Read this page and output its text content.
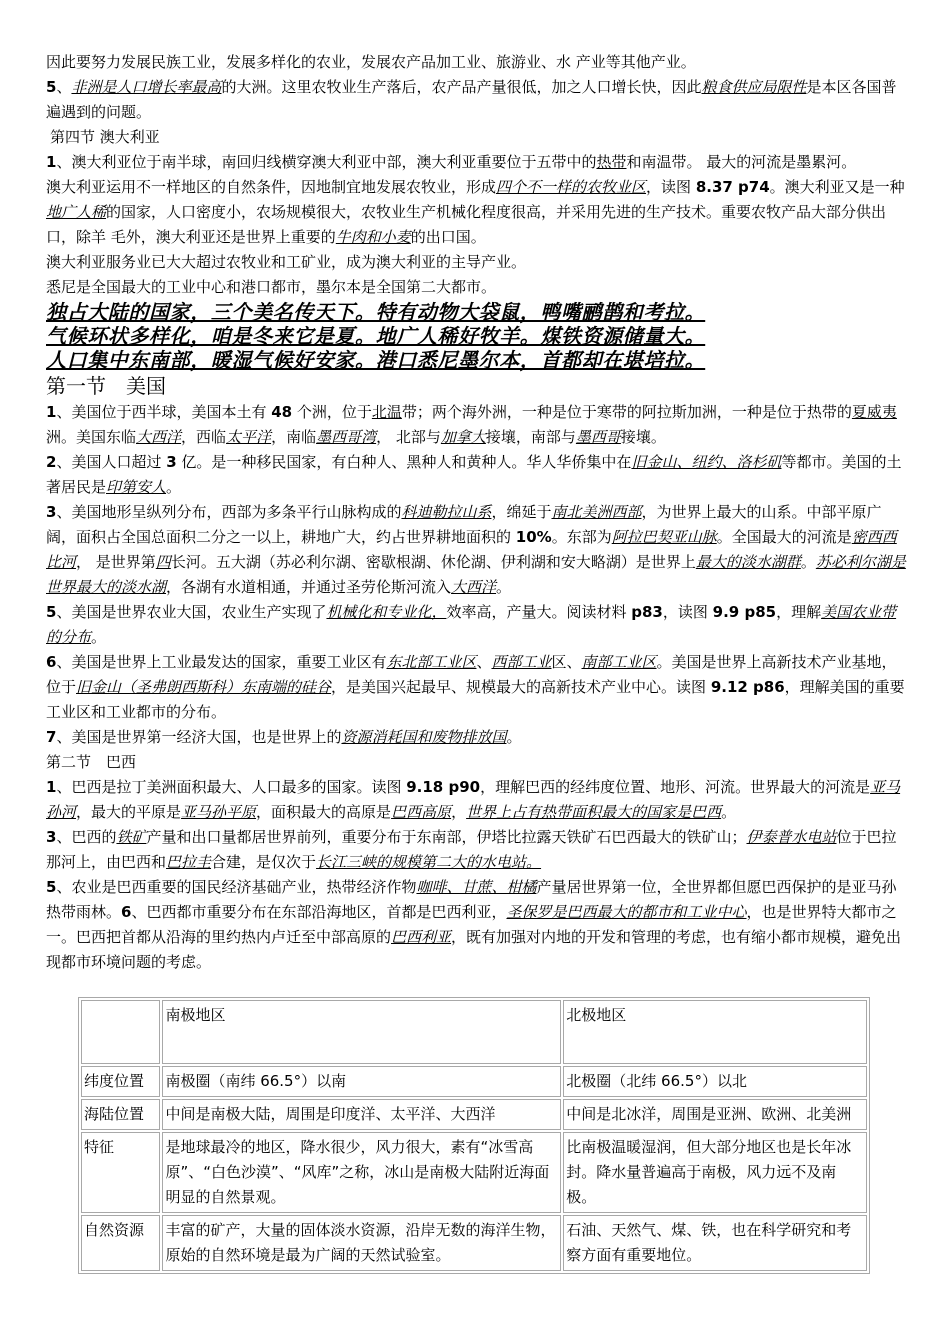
因此要努力发展民族工业，发展多样化的农业，发展农产品加工业、旅游业、水 产业等其他产业。

5、非洲是人口增长率最高的大洲。这里农牧业生产落后，农产品产量很低，加之人口增长快，因此粮食供应局限性是本区各国普遍遇到的问题。

第四节 澳大利亚

1、澳大利亚位于南半球，南回归线横穿澳大利亚中部，澳大利亚重要位于五带中的热带和南温带。 最大的河流是墨累河。

澳大利亚运用不一样地区的自然条件，因地制宜地发展农牧业，形成四个不一样的农牧业区，读图 8.37 p74。澳大利亚又是一种地广人稀的国家，人口密度小，农场规模很大，农牧业生产机械化程度很高，并采用先进的生产技术。重要农牧产品大部分供出口，除羊 毛外，澳大利亚还是世界上重要的牛肉和小麦的出口国。

澳大利亚服务业已大大超过农牧业和工矿业，成为澳大利亚的主导产业。

悉尼是全国最大的工业中心和港口都市，墨尔本是全国第二大都市。

独占大陆的国家，三个美名传天下。特有动物大袋鼠，鸭嘴鹂鹊和考拉。

气候环状多样化，咱是冬来它是夏。地广人稀好牧羊。煤铁资源储量大。

人口集中东南部，暖湿气候好安家。港口悉尼墨尔本，首都却在堪培拉。

第一节　美国

1、美国位于西半球，美国本土有 48 个洲，位于北温带；两个海外洲，一种是位于寒带的阿拉斯加洲，一种是位于热带的夏威夷洲。美国东临大西洋，西临太平洋，南临墨西哥湾， 北部与加拿大接壤，南部与墨西哥接壤。

2、美国人口超过 3 亿。是一种移民国家，有白种人、黑种人和黄种人。华人华侨集中在旧金山、纽约、洛杉矶等都市。美国的土著居民是印第安人。

3、美国地形呈纵列分布，西部为多条平行山脉构成的科迪勒拉山系，绵延于南北美洲西部，为世界上最大的山系。中部平原广阔，面积占全国总面积二分之一以上，耕地广大，约占世界耕地面积的 10%。东部为阿拉巴契亚山脉。全国最大的河流是密西西比河， 是世界第四长河。五大湖（苏必利尔湖、密歇根湖、休伦湖、伊利湖和安大略湖）是世界上最大的淡水湖群。苏必利尔湖是世界最大的淡水湖，各湖有水道相通，并通过圣劳伦斯河流入大西洋。

5、美国是世界农业大国，农业生产实现了机械化和专业化，效率高，产量大。阅读材料 p83，读图 9.9 p85，理解美国农业带的分布。

6、美国是世界上工业最发达的国家，重要工业区有东北部工业区、西部工业区、南部工业区。美国是世界上高新技术产业基地，位于旧金山（圣弗朗西斯科）东南端的硅谷，是美国兴起最早、规模最大的高新技术产业中心。读图 9.12 p86，理解美国的重要工业区和工业都市的分布。

7、美国是世界第一经济大国，也是世界上的资源消耗国和废物排放国。

第二节　巴西

1、巴西是拉丁美洲面积最大、人口最多的国家。读图 9.18 p90，理解巴西的经纬度位置、地形、河流。世界最大的河流是亚马孙河，最大的平原是亚马孙平原，面积最大的高原是巴西高原，世界上占有热带面积最大的国家是巴西。

3、巴西的铁矿产量和出口量都居世界前列，重要分布于东南部，伊塔比拉露天铁矿石巴西最大的铁矿山；伊泰普水电站位于巴拉那河上，由巴西和巴拉圭合建，是仅次于长江三峡的规模第二大的水电站。

5、农业是巴西重要的国民经济基础产业，热带经济作物咖啡、甘蔗、柑橘产量居世界第一位，全世界都但愿巴西保护的是亚马孙热带雨林。6、巴西都市重要分布在东部沿海地区，首都是巴西利亚，圣保罗是巴西最大的都市和工业中心，也是世界特大都市之一。巴西把首都从沿海的里约热内卢迁至中部高原的巴西利亚，既有加强对内地的开发和管理的考虑，也有缩小都市规模，避免出现都市环境问题的考虑。

	南极地区	北极地区
纬度位置	南极圈（南纬 66.5°）以南	北极圈（北纬 66.5°）以北
海陆位置	中间是南极大陆，周围是印度洋、太平洋、大西洋	中间是北冰洋，周围是亚洲、欧洲、北美洲
特征	是地球最冷的地区，降水很少，风力很大，素有“冰雪高原”、“白色沙漠”、“风库”之称，冰山是南极大陆附近海面明显的自然景观。	比南极温暖湿润，但大部分地区也是长年冰封。降水量普遍高于南极，风力远不及南极。
自然资源	丰富的矿产，大量的固体淡水资源，沿岸无数的海洋生物，原始的自然环境是最为广阔的天然试验室。	石油、天然气、煤、铁，也在科学研究和考察方面有重要地位。
